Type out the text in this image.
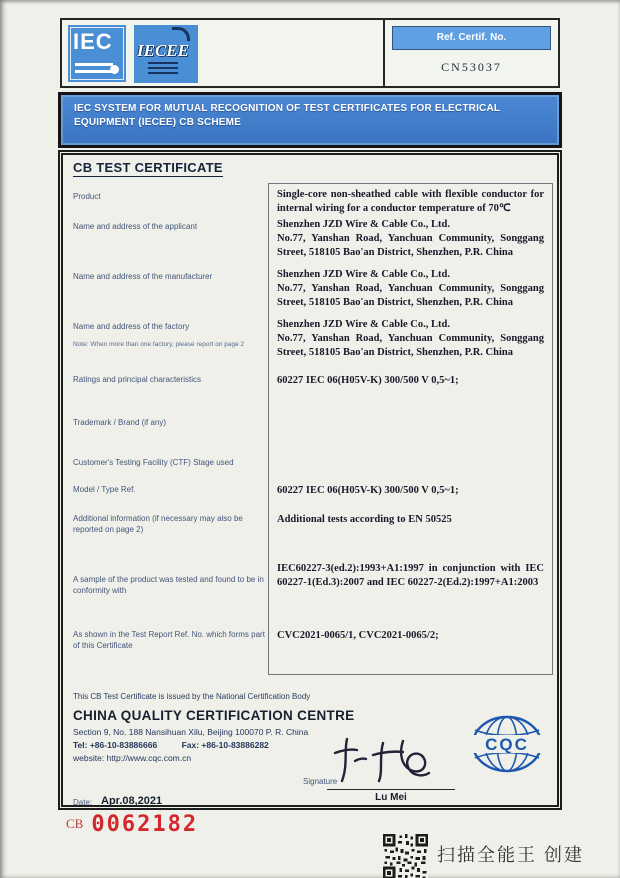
IEC IECEE
Ref. Certif. No.
CN53037
IEC SYSTEM FOR MUTUAL RECOGNITION OF TEST CERTIFICATES FOR ELECTRICAL EQUIPMENT (IECEE) CB SCHEME
CB TEST CERTIFICATE
Product
Name and address of the applicant
Name and address of the manufacturer
Name and address of the factory
Note: When more than one factory, please report on page 2
Ratings and principal characteristics
Trademark / Brand (if any)
Customer's Testing Facility (CTF) Stage used
Model / Type Ref.
Additional information (if necessary may also be reported on page 2)
A sample of the product was tested and found to be in conformity with
As shown in the Test Report Ref. No. which forms part of this Certificate
Single-core non-sheathed cable with flexible conductor for internal wiring for a conductor temperature of 70℃
Shenzhen JZD Wire & Cable Co., Ltd.
No.77, Yanshan Road, Yanchuan Community, Songgang Street, 518105 Bao'an District, Shenzhen, P.R. China
Shenzhen JZD Wire & Cable Co., Ltd.
No.77, Yanshan Road, Yanchuan Community, Songgang Street, 518105 Bao'an District, Shenzhen, P.R. China
Shenzhen JZD Wire & Cable Co., Ltd.
No.77, Yanshan Road, Yanchuan Community, Songgang Street, 518105 Bao'an District, Shenzhen, P.R. China
60227 IEC 06(H05V-K) 300/500 V 0,5~1;
60227 IEC 06(H05V-K) 300/500 V 0,5~1;
Additional tests according to EN 50525
IEC60227-3(ed.2):1993+A1:1997 in conjunction with IEC 60227-1(Ed.3):2007 and IEC 60227-2(Ed.2):1997+A1:2003
CVC2021-0065/1, CVC2021-0065/2;
This CB Test Certificate is issued by the National Certification Body
CHINA QUALITY CERTIFICATION CENTRE
Section 9, No. 188 Nansihuan Xilu, Beijing 100070 P. R. China
Tel: +86-10-83886666	Fax: +86-10-83886282
website: http://www.cqc.com.cn
CQC
Signature
Lu Mei
Date: Apr.08,2021
CB 0062182
扫描全能王 创建
